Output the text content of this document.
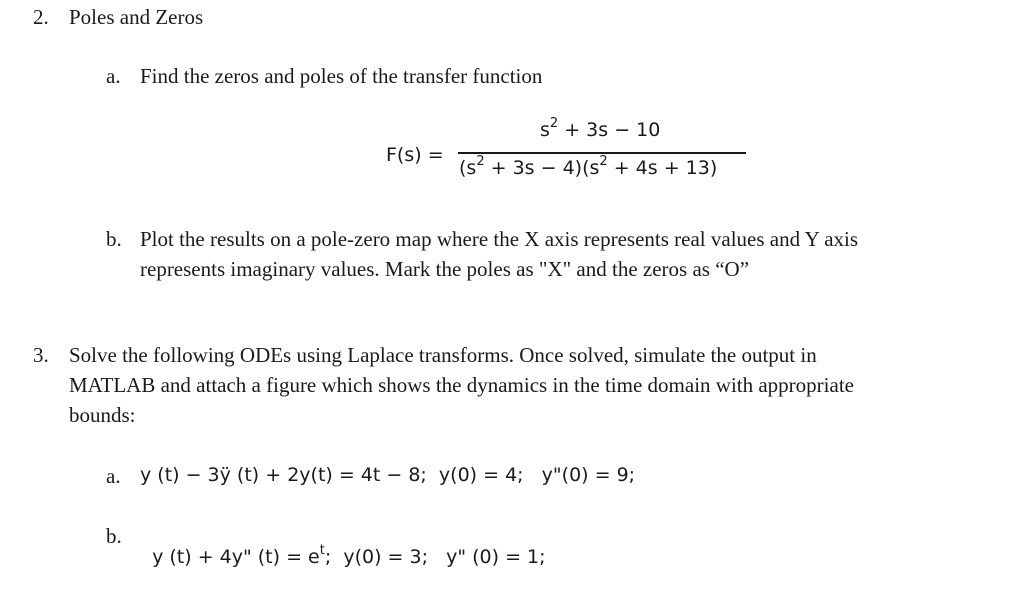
2. Poles and Zeros
a. Find the zeros and poles of the transfer function
F(s) =
$s^2 + 3s - 10$
$(s^2 + 3s - 4)(s^2 + 4s + 13)$
b. Plot the results on a pole-zero map where the X axis represents real values and Y axis
represents imaginary values. Mark the poles as "X" and the zeros as “O”
3. Solve the following ODEs using Laplace transforms. Once solved, simulate the output in
MATLAB and attach a figure which shows the dynamics in the time domain with appropriate
bounds:
a. y (t) − 3ÿ (t) + 2y(t) = 4t − 8;  y(0) = 4;   y"(0) = 9;
b.

y (t) + 4y" $(t) = e^t$;  y(0) = 3;   y" (0) = 1;
